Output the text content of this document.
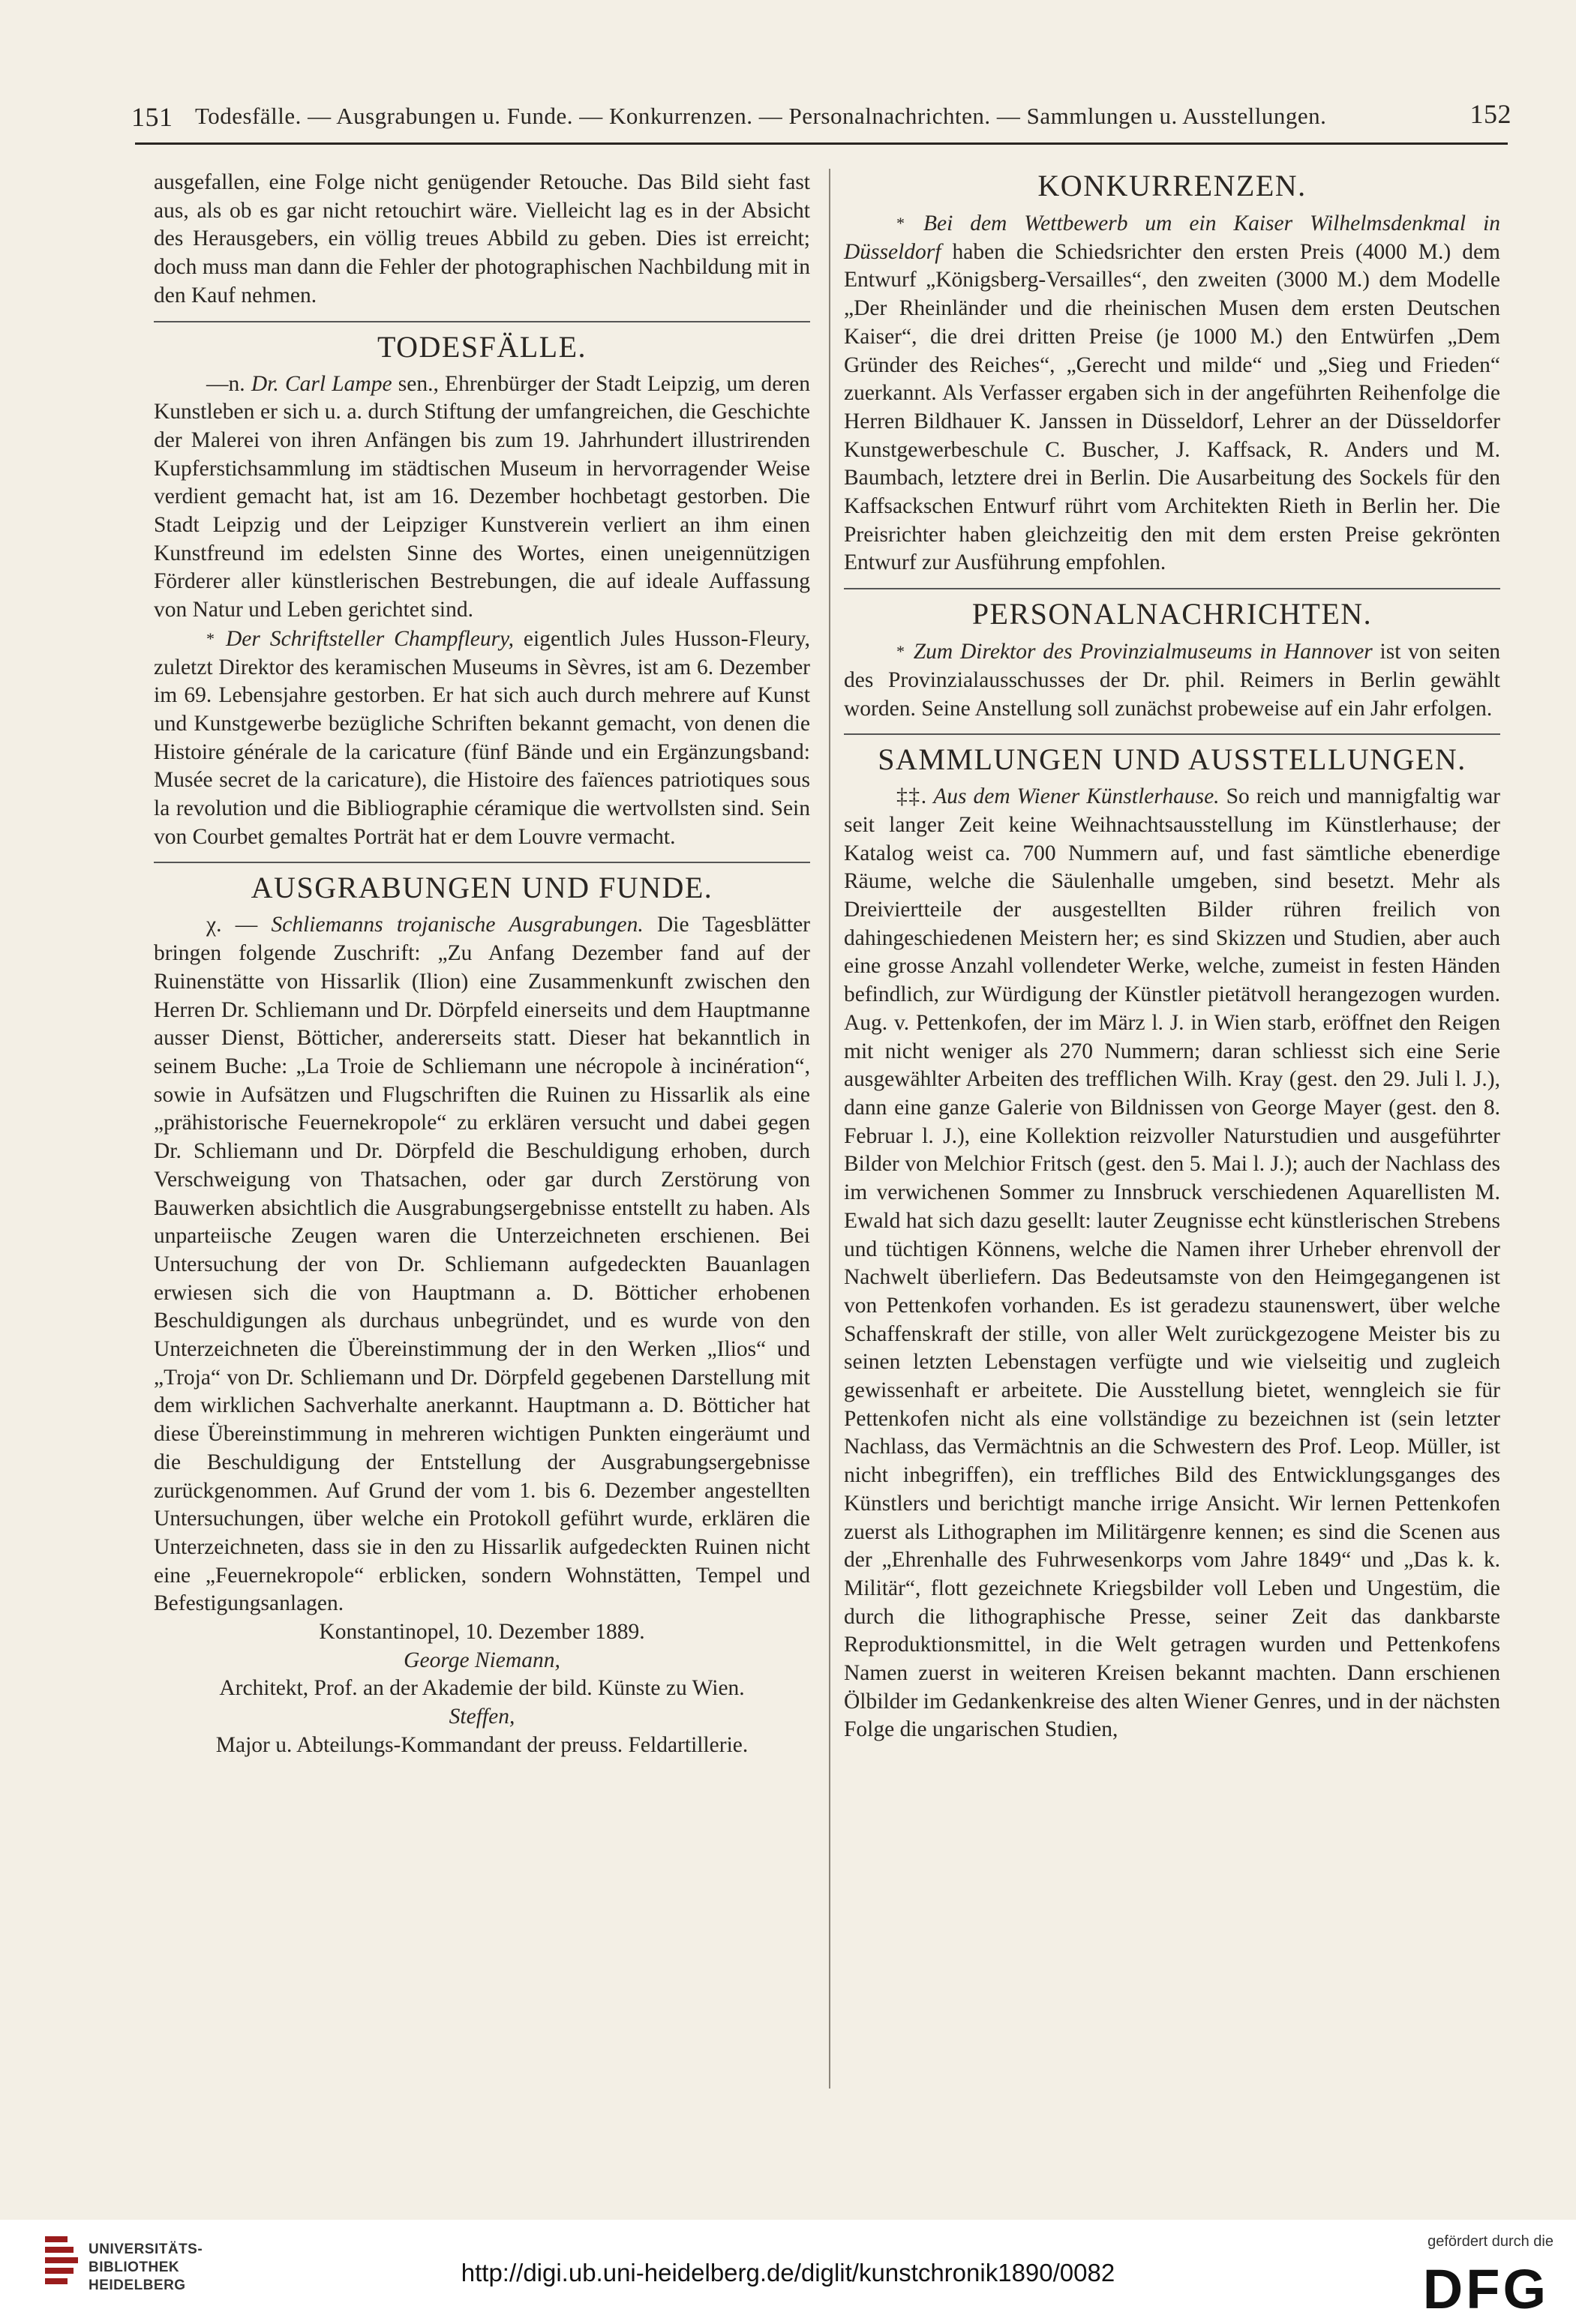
151 Todesfälle. — Ausgrabungen u. Funde. — Konkurrenzen. — Personalnachrichten. — Sammlungen u. Ausstellungen.	152

ausgefallen, eine Folge nicht genügender Retouche. Das Bild sieht fast aus, als ob es gar nicht retouchirt wäre. Vielleicht lag es in der Absicht des Herausgebers, ein völlig treues Abbild zu geben. Dies ist erreicht; doch muss man dann die Fehler der photographischen Nachbildung mit in den Kauf nehmen.

TODESFÄLLE.

—n. Dr. Carl Lampe sen., Ehrenbürger der Stadt Leipzig, um deren Kunstleben er sich u. a. durch Stiftung der umfangreichen, die Geschichte der Malerei von ihren Anfängen bis zum 19. Jahrhundert illustrirenden Kupferstichsammlung im städtischen Museum in hervorragender Weise verdient gemacht hat, ist am 16. Dezember hochbetagt gestorben. Die Stadt Leipzig und der Leipziger Kunstverein verliert an ihm einen Kunstfreund im edelsten Sinne des Wortes, einen uneigennützigen Förderer aller künstlerischen Bestrebungen, die auf ideale Auffassung von Natur und Leben gerichtet sind.

* Der Schriftsteller Champfleury, eigentlich Jules Husson-Fleury, zuletzt Direktor des keramischen Museums in Sèvres, ist am 6. Dezember im 69. Lebensjahre gestorben. Er hat sich auch durch mehrere auf Kunst und Kunstgewerbe bezügliche Schriften bekannt gemacht, von denen die Histoire générale de la caricature (fünf Bände und ein Ergänzungsband: Musée secret de la caricature), die Histoire des faïences patriotiques sous la revolution und die Bibliographie céramique die wertvollsten sind. Sein von Courbet gemaltes Porträt hat er dem Louvre vermacht.

AUSGRABUNGEN UND FUNDE.

χ. — Schliemanns trojanische Ausgrabungen. Die Tagesblätter bringen folgende Zuschrift: „Zu Anfang Dezember fand auf der Ruinenstätte von Hissarlik (Ilion) eine Zusammenkunft zwischen den Herren Dr. Schliemann und Dr. Dörpfeld einerseits und dem Hauptmanne ausser Dienst, Bötticher, andererseits statt. Dieser hat bekanntlich in seinem Buche: „La Troie de Schliemann une nécropole à incinération“, sowie in Aufsätzen und Flugschriften die Ruinen zu Hissarlik als eine „prähistorische Feuernekropole“ zu erklären versucht und dabei gegen Dr. Schliemann und Dr. Dörpfeld die Beschuldigung erhoben, durch Verschweigung von Thatsachen, oder gar durch Zerstörung von Bauwerken absichtlich die Ausgrabungsergebnisse entstellt zu haben. Als unparteiische Zeugen waren die Unterzeichneten erschienen. Bei Untersuchung der von Dr. Schliemann aufgedeckten Bauanlagen erwiesen sich die von Hauptmann a. D. Bötticher erhobenen Beschuldigungen als durchaus unbegründet, und es wurde von den Unterzeichneten die Übereinstimmung der in den Werken „Ilios“ und „Troja“ von Dr. Schliemann und Dr. Dörpfeld gegebenen Darstellung mit dem wirklichen Sachverhalte anerkannt. Hauptmann a. D. Bötticher hat diese Übereinstimmung in mehreren wichtigen Punkten eingeräumt und die Beschuldigung der Entstellung der Ausgrabungsergebnisse zurückgenommen. Auf Grund der vom 1. bis 6. Dezember angestellten Untersuchungen, über welche ein Protokoll geführt wurde, erklären die Unterzeichneten, dass sie in den zu Hissarlik aufgedeckten Ruinen nicht eine „Feuernekropole“ erblicken, sondern Wohnstätten, Tempel und Befestigungsanlagen.

Konstantinopel, 10. Dezember 1889.

George Niemann,

Architekt, Prof. an der Akademie der bild. Künste zu Wien.

Steffen,

Major u. Abteilungs-Kommandant der preuss. Feldartillerie.

KONKURRENZEN.

* Bei dem Wettbewerb um ein Kaiser Wilhelmsdenkmal in Düsseldorf haben die Schiedsrichter den ersten Preis (4000 M.) dem Entwurf „Königsberg-Versailles“, den zweiten (3000 M.) dem Modelle „Der Rheinländer und die rheinischen Musen dem ersten Deutschen Kaiser“, die drei dritten Preise (je 1000 M.) den Entwürfen „Dem Gründer des Reiches“, „Gerecht und milde“ und „Sieg und Frieden“ zuerkannt. Als Verfasser ergaben sich in der angeführten Reihenfolge die Herren Bildhauer K. Janssen in Düsseldorf, Lehrer an der Düsseldorfer Kunstgewerbeschule C. Buscher, J. Kaffsack, R. Anders und M. Baumbach, letztere drei in Berlin. Die Ausarbeitung des Sockels für den Kaffsackschen Entwurf rührt vom Architekten Rieth in Berlin her. Die Preisrichter haben gleichzeitig den mit dem ersten Preise gekrönten Entwurf zur Ausführung empfohlen.

PERSONALNACHRICHTEN.

* Zum Direktor des Provinzialmuseums in Hannover ist von seiten des Provinzialausschusses der Dr. phil. Reimers in Berlin gewählt worden. Seine Anstellung soll zunächst probeweise auf ein Jahr erfolgen.

SAMMLUNGEN UND AUSSTELLUNGEN.

‡‡. Aus dem Wiener Künstlerhause. So reich und mannigfaltig war seit langer Zeit keine Weihnachtsausstellung im Künstlerhause; der Katalog weist ca. 700 Nummern auf, und fast sämtliche ebenerdige Räume, welche die Säulenhalle umgeben, sind besetzt. Mehr als Dreiviertteile der ausgestellten Bilder rühren freilich von dahingeschiedenen Meistern her; es sind Skizzen und Studien, aber auch eine grosse Anzahl vollendeter Werke, welche, zumeist in festen Händen befindlich, zur Würdigung der Künstler pietätvoll herangezogen wurden. Aug. v. Pettenkofen, der im März l. J. in Wien starb, eröffnet den Reigen mit nicht weniger als 270 Nummern; daran schliesst sich eine Serie ausgewählter Arbeiten des trefflichen Wilh. Kray (gest. den 29. Juli l. J.), dann eine ganze Galerie von Bildnissen von George Mayer (gest. den 8. Februar l. J.), eine Kollektion reizvoller Naturstudien und ausgeführter Bilder von Melchior Fritsch (gest. den 5. Mai l. J.); auch der Nachlass des im verwichenen Sommer zu Innsbruck verschiedenen Aquarellisten M. Ewald hat sich dazu gesellt: lauter Zeugnisse echt künstlerischen Strebens und tüchtigen Könnens, welche die Namen ihrer Urheber ehrenvoll der Nachwelt überliefern. Das Bedeutsamste von den Heimgegangenen ist von Pettenkofen vorhanden. Es ist geradezu staunenswert, über welche Schaffenskraft der stille, von aller Welt zurückgezogene Meister bis zu seinen letzten Lebenstagen verfügte und wie vielseitig und zugleich gewissenhaft er arbeitete. Die Ausstellung bietet, wenngleich sie für Pettenkofen nicht als eine vollständige zu bezeichnen ist (sein letzter Nachlass, das Vermächtnis an die Schwestern des Prof. Leop. Müller, ist nicht inbegriffen), ein treffliches Bild des Entwicklungsganges des Künstlers und berichtigt manche irrige Ansicht. Wir lernen Pettenkofen zuerst als Lithographen im Militärgenre kennen; es sind die Scenen aus der „Ehrenhalle des Fuhrwesenkorps vom Jahre 1849“ und „Das k. k. Militär“, flott gezeichnete Kriegsbilder voll Leben und Ungestüm, die durch die lithographische Presse, seiner Zeit das dankbarste Reproduktionsmittel, in die Welt getragen wurden und Pettenkofens Namen zuerst in weiteren Kreisen bekannt machten. Dann erschienen Ölbilder im Gedankenkreise des alten Wiener Genres, und in der nächsten Folge die ungarischen Studien,

UNIVERSITÄTS-
BIBLIOTHEK
HEIDELBERG	http://digi.ub.uni-heidelberg.de/diglit/kunstchronik1890/0082
gefördert durch die
DFG
